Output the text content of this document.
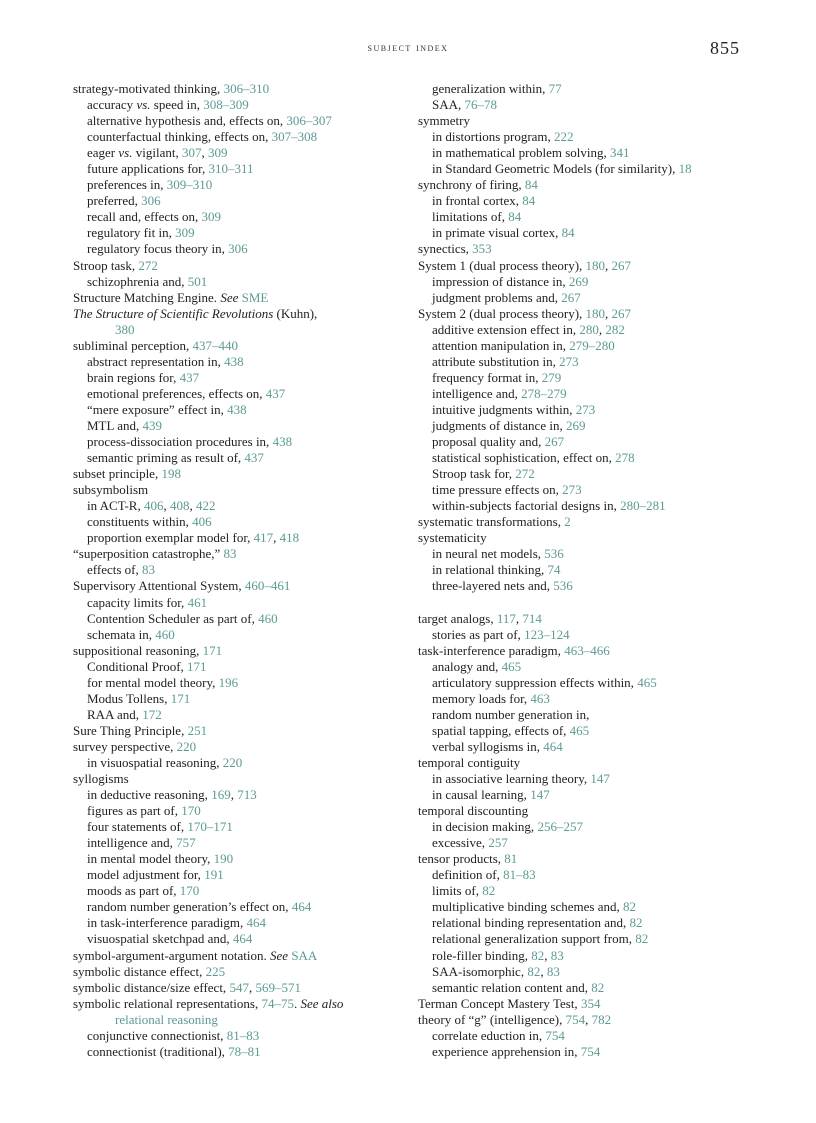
subject index	855
strategy-motivated thinking, 306–310
accuracy vs. speed in, 308–309
alternative hypothesis and, effects on, 306–307
counterfactual thinking, effects on, 307–308
eager vs. vigilant, 307, 309
future applications for, 310–311
preferences in, 309–310
preferred, 306
recall and, effects on, 309
regulatory fit in, 309
regulatory focus theory in, 306
Stroop task, 272
schizophrenia and, 501
Structure Matching Engine. See SME
The Structure of Scientific Revolutions (Kuhn),
380
subliminal perception, 437–440
abstract representation in, 438
brain regions for, 437
emotional preferences, effects on, 437
“mere exposure” effect in, 438
MTL and, 439
process-dissociation procedures in, 438
semantic priming as result of, 437
subset principle, 198
subsymbolism
in ACT-R, 406, 408, 422
constituents within, 406
proportion exemplar model for, 417, 418
“superposition catastrophe,” 83
effects of, 83
Supervisory Attentional System, 460–461
capacity limits for, 461
Contention Scheduler as part of, 460
schemata in, 460
suppositional reasoning, 171
Conditional Proof, 171
for mental model theory, 196
Modus Tollens, 171
RAA and, 172
Sure Thing Principle, 251
survey perspective, 220
in visuospatial reasoning, 220
syllogisms
in deductive reasoning, 169, 713
figures as part of, 170
four statements of, 170–171
intelligence and, 757
in mental model theory, 190
model adjustment for, 191
moods as part of, 170
random number generation’s effect on, 464
in task-interference paradigm, 464
visuospatial sketchpad and, 464
symbol-argument-argument notation. See SAA
symbolic distance effect, 225
symbolic distance/size effect, 547, 569–571
symbolic relational representations, 74–75. See also
relational reasoning
conjunctive connectionist, 81–83
connectionist (traditional), 78–81
generalization within, 77
SAA, 76–78
symmetry
in distortions program, 222
in mathematical problem solving, 341
in Standard Geometric Models (for similarity), 18
synchrony of firing, 84
in frontal cortex, 84
limitations of, 84
in primate visual cortex, 84
synectics, 353
System 1 (dual process theory), 180, 267
impression of distance in, 269
judgment problems and, 267
System 2 (dual process theory), 180, 267
additive extension effect in, 280, 282
attention manipulation in, 279–280
attribute substitution in, 273
frequency format in, 279
intelligence and, 278–279
intuitive judgments within, 273
judgments of distance in, 269
proposal quality and, 267
statistical sophistication, effect on, 278
Stroop task for, 272
time pressure effects on, 273
within-subjects factorial designs in, 280–281
systematic transformations, 2
systematicity
in neural net models, 536
in relational thinking, 74
three-layered nets and, 536
target analogs, 117, 714
stories as part of, 123–124
task-interference paradigm, 463–466
analogy and, 465
articulatory suppression effects within, 465
memory loads for, 463
random number generation in,
spatial tapping, effects of, 465
verbal syllogisms in, 464
temporal contiguity
in associative learning theory, 147
in causal learning, 147
temporal discounting
in decision making, 256–257
excessive, 257
tensor products, 81
definition of, 81–83
limits of, 82
multiplicative binding schemes and, 82
relational binding representation and, 82
relational generalization support from, 82
role-filler binding, 82, 83
SAA-isomorphic, 82, 83
semantic relation content and, 82
Terman Concept Mastery Test, 354
theory of “g” (intelligence), 754, 782
correlate eduction in, 754
experience apprehension in, 754
